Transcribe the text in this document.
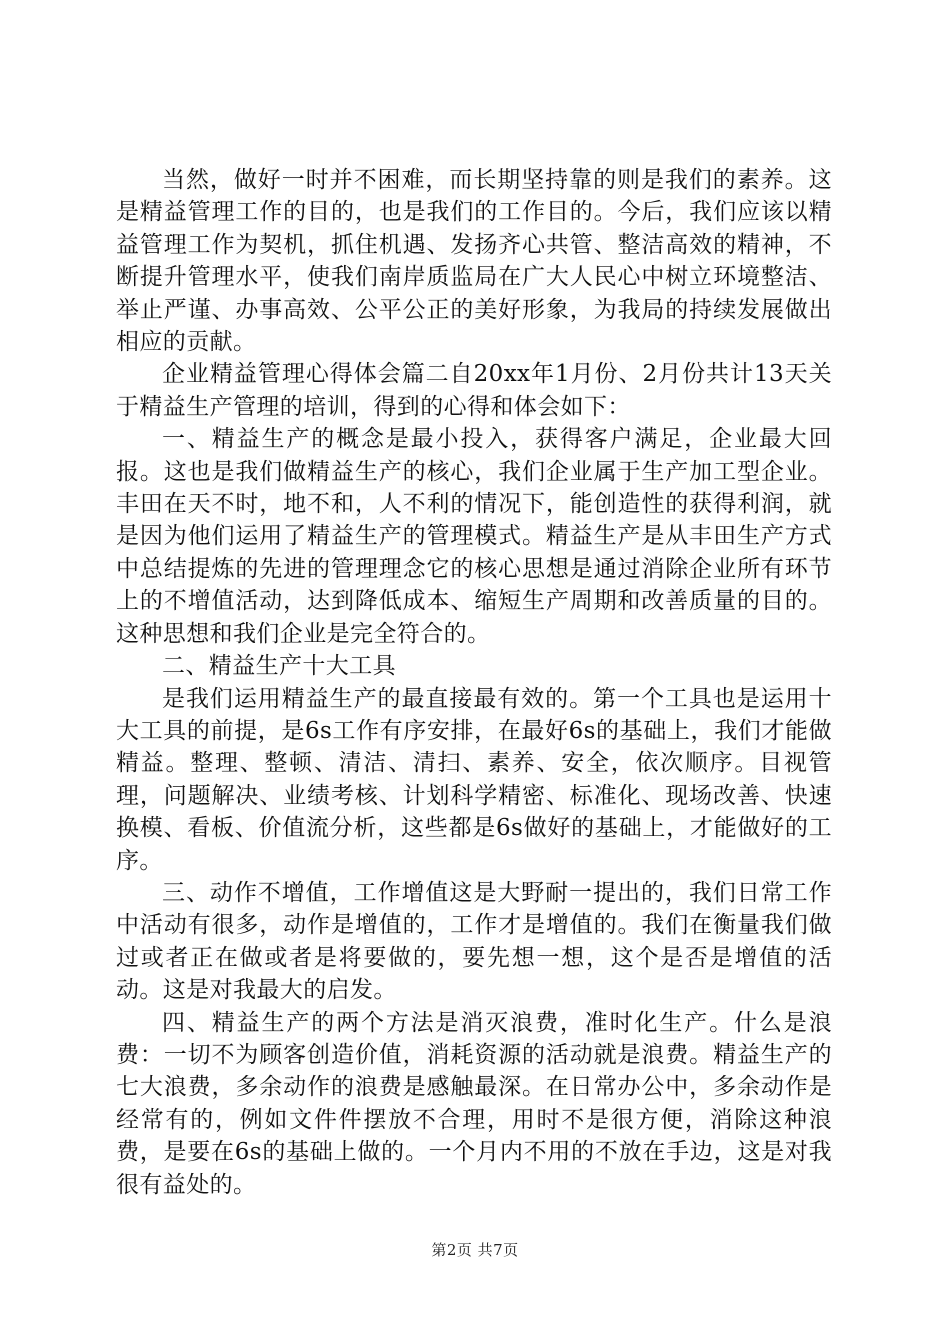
当然，做好一时并不困难，而长期坚持靠的则是我们的素养。这是精益管理工作的目的，也是我们的工作目的。今后，我们应该以精益管理工作为契机，抓住机遇、发扬齐心共管、整洁高效的精神，不断提升管理水平，使我们南岸质监局在广大人民心中树立环境整洁、举止严谨、办事高效、公平公正的美好形象，为我局的持续发展做出相应的贡献。

企业精益管理心得体会篇二自20xx年1月份、2月份共计13天关于精益生产管理的培训，得到的心得和体会如下：

一、精益生产的概念是最小投入，获得客户满足，企业最大回报。这也是我们做精益生产的核心，我们企业属于生产加工型企业。丰田在天不时，地不和，人不利的情况下，能创造性的获得利润，就是因为他们运用了精益生产的管理模式。精益生产是从丰田生产方式中总结提炼的先进的管理理念它的核心思想是通过消除企业所有环节上的不增值活动，达到降低成本、缩短生产周期和改善质量的目的。这种思想和我们企业是完全符合的。

二、精益生产十大工具

是我们运用精益生产的最直接最有效的。第一个工具也是运用十大工具的前提，是6s工作有序安排，在最好6s的基础上，我们才能做精益。整理、整顿、清洁、清扫、素养、安全，依次顺序。目视管理，问题解决、业绩考核、计划科学精密、标准化、现场改善、快速换模、看板、价值流分析，这些都是6s做好的基础上，才能做好的工序。

三、动作不增值，工作增值这是大野耐一提出的，我们日常工作中活动有很多，动作是增值的，工作才是增值的。我们在衡量我们做过或者正在做或者是将要做的，要先想一想，这个是否是增值的活动。这是对我最大的启发。

四、精益生产的两个方法是消灭浪费，准时化生产。什么是浪费：一切不为顾客创造价值，消耗资源的活动就是浪费。精益生产的七大浪费，多余动作的浪费是感触最深。在日常办公中，多余动作是经常有的，例如文件件摆放不合理，用时不是很方便，消除这种浪费，是要在6s的基础上做的。一个月内不用的不放在手边，这是对我很有益处的。

第2页 共7页
